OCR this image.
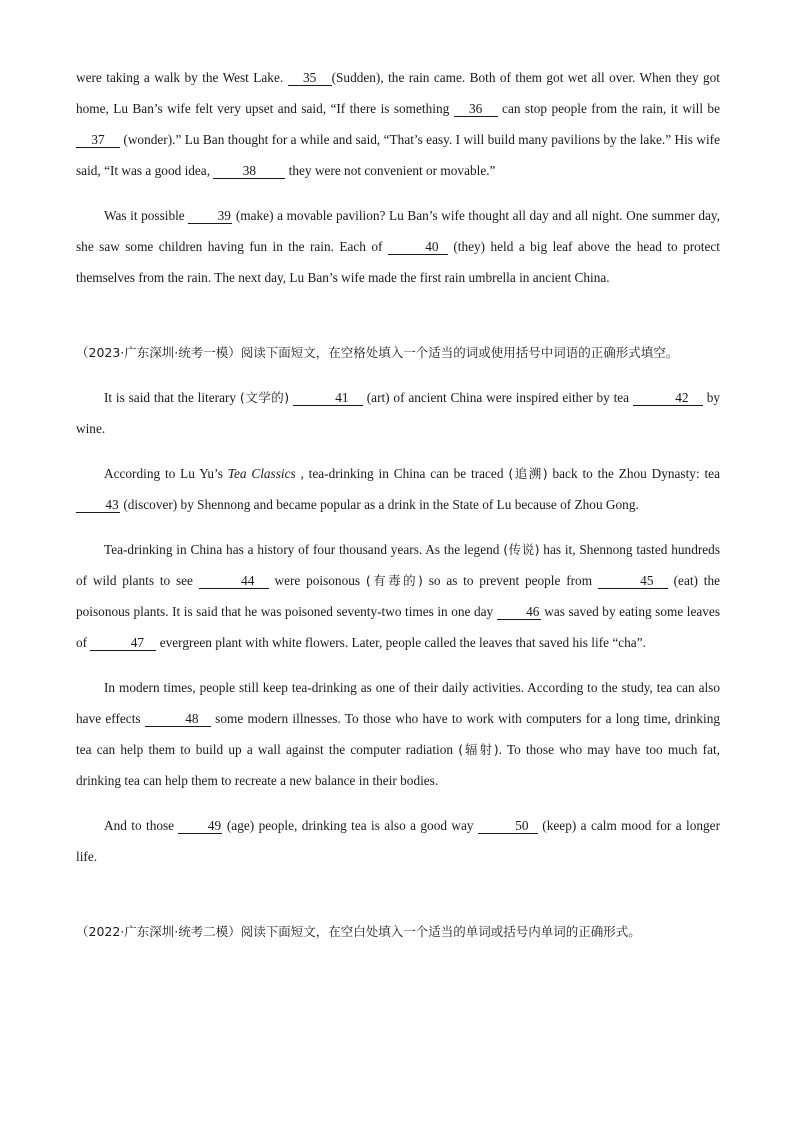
were taking a walk by the West Lake. 35 (Sudden), the rain came. Both of them got wet all over. When they got home, Lu Ban’s wife felt very upset and said, “If there is something 36 can stop people from the rain, it will be 37 (wonder).” Lu Ban thought for a while and said, “That’s easy. I will build many pavilions by the lake.” His wife said, “It was a good idea, 38 they were not convenient or movable.”

Was it possible 39 (make) a movable pavilion? Lu Ban’s wife thought all day and all night. One summer day, she saw some children having fun in the rain. Each of	40 (they) held a big leaf above the head to protect themselves from the rain. The next day, Lu Ban’s wife made the first rain umbrella in ancient China.

（2023·广东深圳·统考一模）阅读下面短文，在空格处填入一个适当的词或使用括号中词语的正确形式填空。

It is said that the literary (文学的)	41 (art) of ancient China were inspired either by tea	42 by wine.

According to Lu Yu’s Tea Classics , tea-drinking in China can be traced (追溯) back to the Zhou Dynasty: tea 43 (discover) by Shennong and became popular as a drink in the State of Lu because of Zhou Gong.

Tea-drinking in China has a history of four thousand years. As the legend (传说) has it, Shennong tasted hundreds of wild plants to see	44 were poisonous (有毒的) so as to prevent people from	45 (eat) the poisonous plants. It is said that he was poisoned seventy-two times in one day 46 was saved by eating some leaves of	47 evergreen plant with white flowers. Later, people called the leaves that saved his life “cha”.

In modern times, people still keep tea-drinking as one of their daily activities. According to the study, tea can also have effects	48 some modern illnesses. To those who have to work with computers for a long time, drinking tea can help them to build up a wall against the computer radiation (辐射). To those who may have too much fat, drinking tea can help them to recreate a new balance in their bodies.

And to those 49 (age) people, drinking tea is also a good way	50 (keep) a calm mood for a longer life.

（2022·广东深圳·统考二模）阅读下面短文，在空白处填入一个适当的单词或括号内单词的正确形式。
